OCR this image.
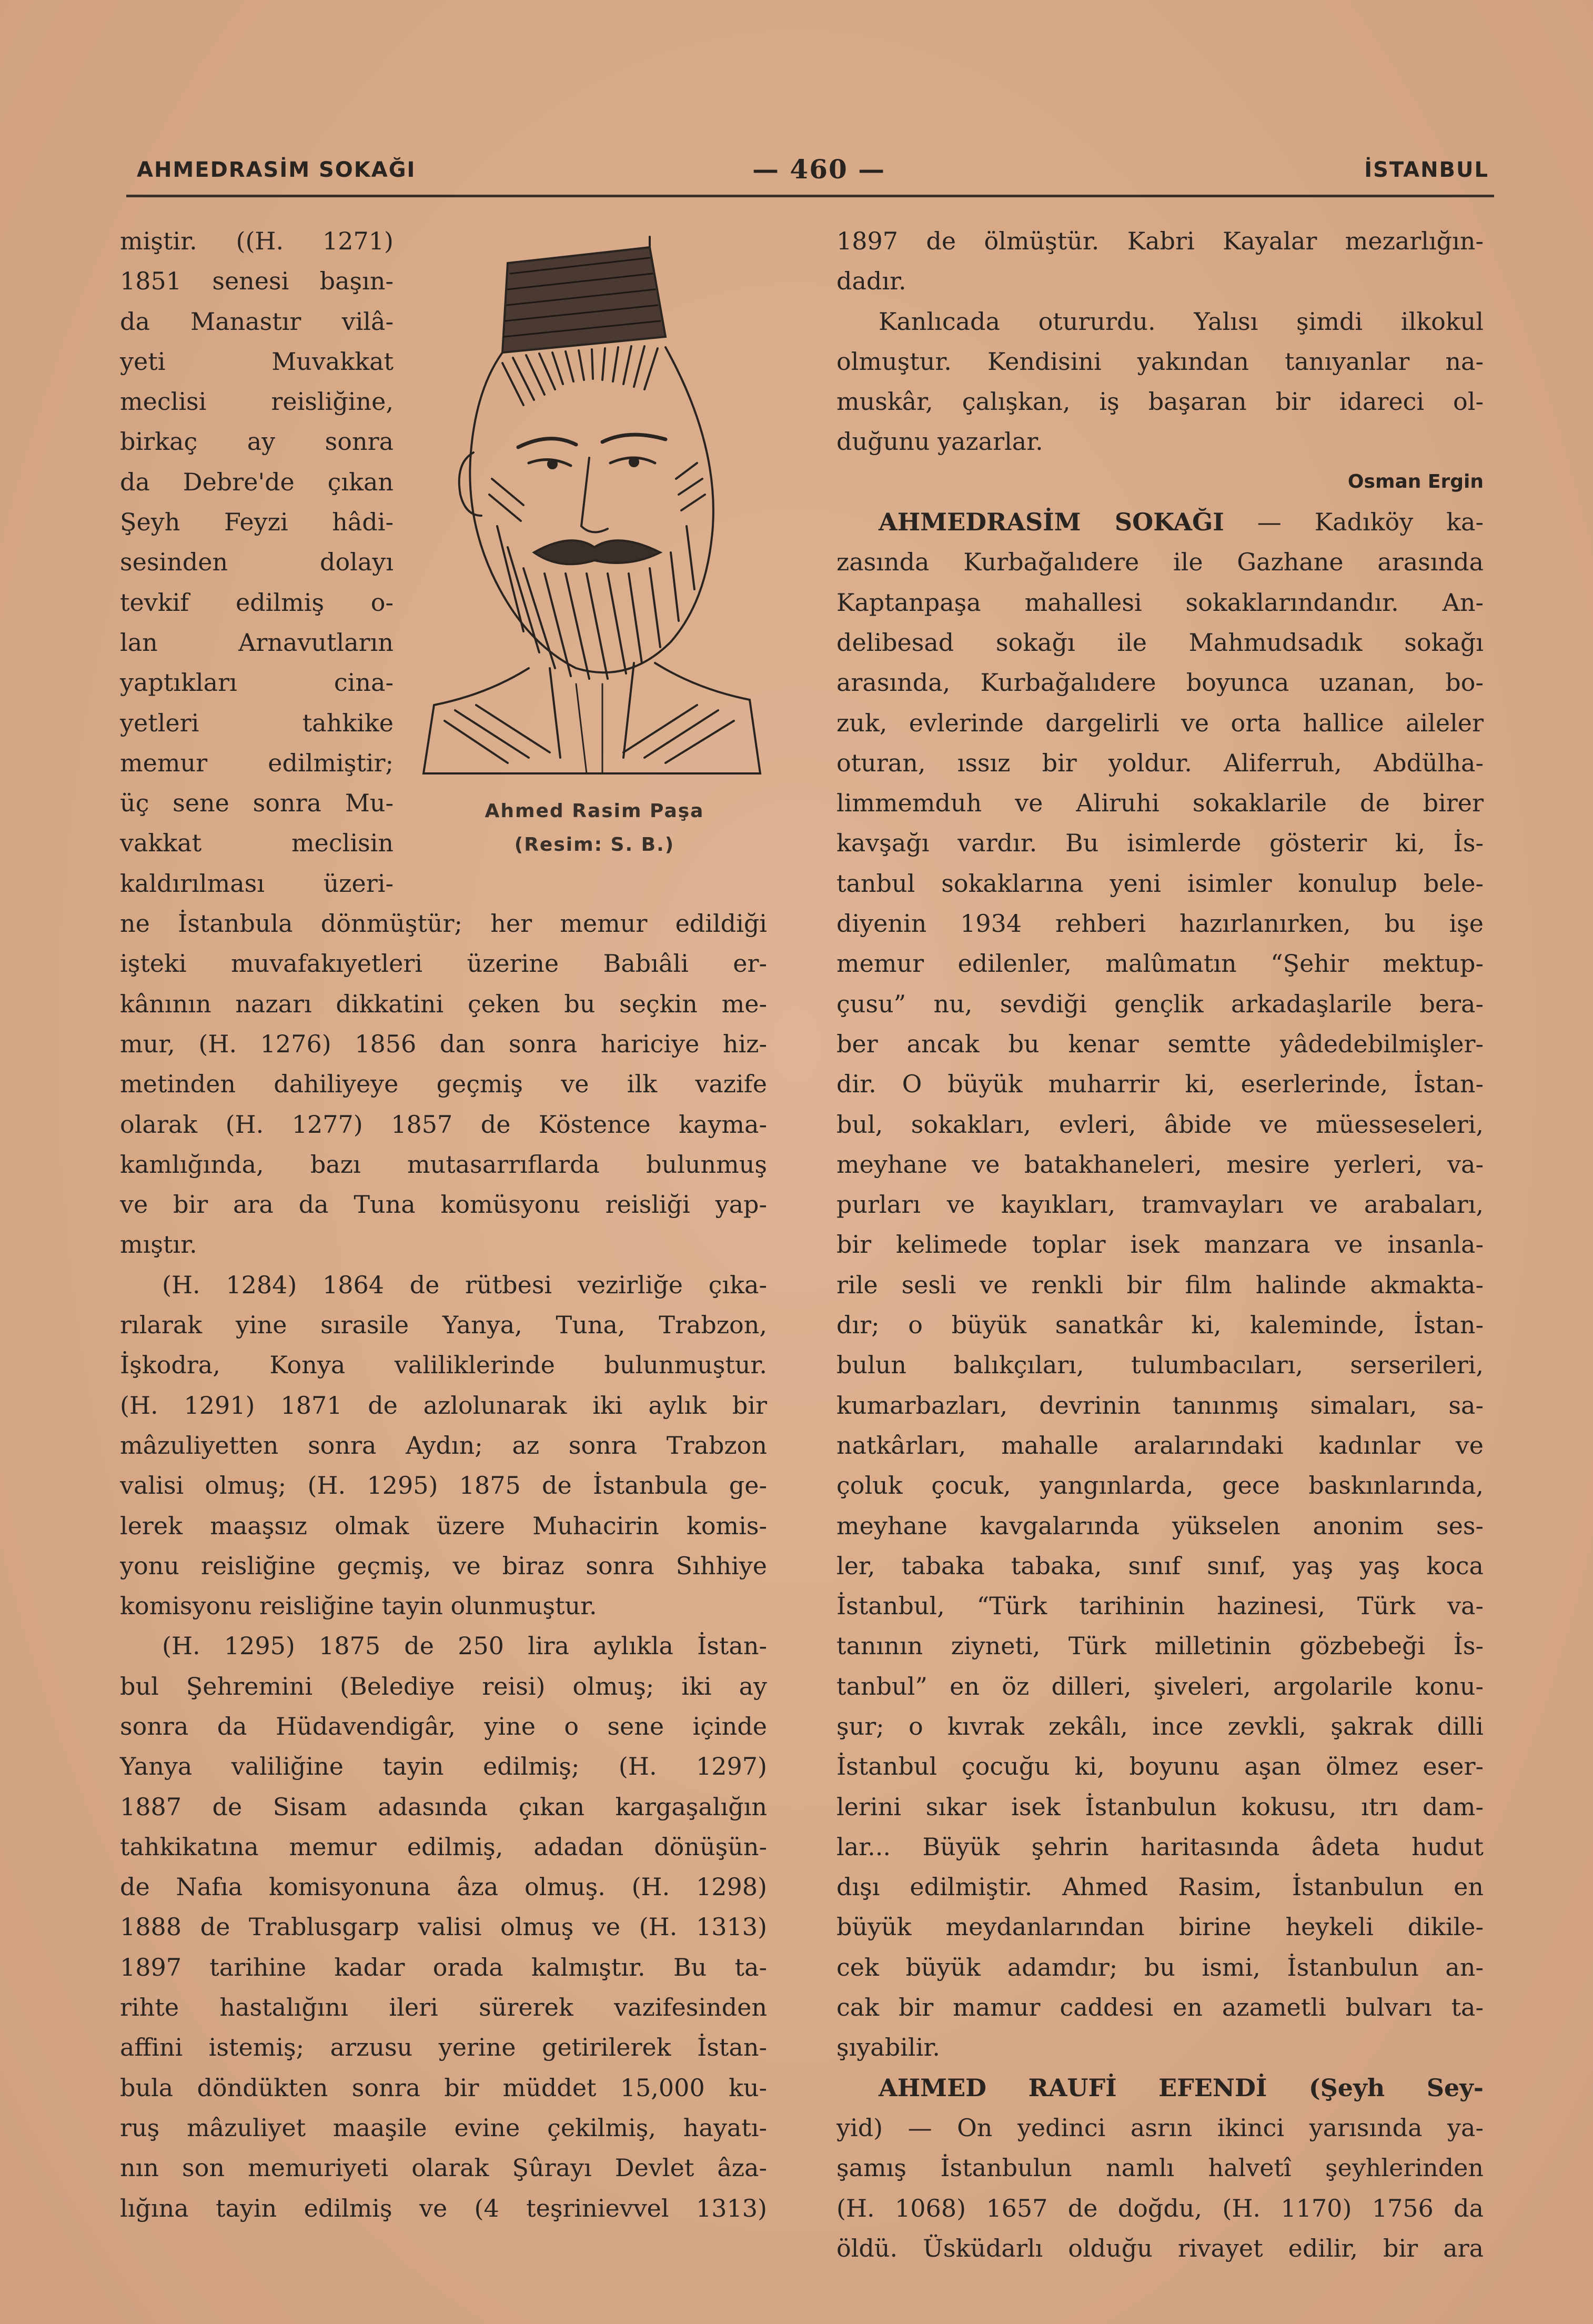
AHMEDRASİM SOKAĞI	— 460 —	İSTANBUL
Ahmed Rasim Paşa
(Resim: S. B.)
miştir. ((H. 1271)
1851 senesi başın-
da Manastır vilâ-
yeti Muvakkat
meclisi reisliğine,
birkaç ay sonra
da Debre'de çıkan
Şeyh Feyzi hâdi-
sesinden dolayı
tevkif edilmiş o-
lan Arnavutların
yaptıkları cina-
yetleri tahkike
memur edilmiştir;
üç sene sonra Mu-
vakkat meclisin
kaldırılması üzeri-
ne İstanbula dönmüştür; her memur edildiği
işteki muvafakıyetleri üzerine Babıâli er-
kânının nazarı dikkatini çeken bu seçkin me-
mur, (H. 1276) 1856 dan sonra hariciye hiz-
metinden dahiliyeye geçmiş ve ilk vazife
olarak (H. 1277) 1857 de Köstence kayma-
kamlığında, bazı mutasarrıflarda bulunmuş
ve bir ara da Tuna komüsyonu reisliği yap-
mıştır.
(H. 1284) 1864 de rütbesi vezirliğe çıka-
rılarak yine sırasile Yanya, Tuna, Trabzon,
İşkodra, Konya valiliklerinde bulunmuştur.
(H. 1291) 1871 de azlolunarak iki aylık bir
mâzuliyetten sonra Aydın; az sonra Trabzon
valisi olmuş; (H. 1295) 1875 de İstanbula ge-
lerek maaşsız olmak üzere Muhacirin komis-
yonu reisliğine geçmiş, ve biraz sonra Sıhhiye
komisyonu reisliğine tayin olunmuştur.
(H. 1295) 1875 de 250 lira aylıkla İstan-
bul Şehremini (Belediye reisi) olmuş; iki ay
sonra da Hüdavendigâr, yine o sene içinde
Yanya valiliğine tayin edilmiş; (H. 1297)
1887 de Sisam adasında çıkan kargaşalığın
tahkikatına memur edilmiş, adadan dönüşün-
de Nafıa komisyonuna âza olmuş. (H. 1298)
1888 de Trablusgarp valisi olmuş ve (H. 1313)
1897 tarihine kadar orada kalmıştır. Bu ta-
rihte hastalığını ileri sürerek vazifesinden
affini istemiş; arzusu yerine getirilerek İstan-
bula döndükten sonra bir müddet 15,000 ku-
ruş mâzuliyet maaşile evine çekilmiş, hayatı-
nın son memuriyeti olarak Şûrayı Devlet âza-
lığına tayin edilmiş ve (4 teşrinievvel 1313)
1897 de ölmüştür. Kabri Kayalar mezarlığın-
dadır.
Kanlıcada otururdu. Yalısı şimdi ilkokul
olmuştur. Kendisini yakından tanıyanlar na-
muskâr, çalışkan, iş başaran bir idareci ol-
duğunu yazarlar.
Osman Ergin
AHMEDRASİM SOKAĞI — Kadıköy ka-
zasında Kurbağalıdere ile Gazhane arasında
Kaptanpaşa mahallesi sokaklarındandır. An-
delibesad sokağı ile Mahmudsadık sokağı
arasında, Kurbağalıdere boyunca uzanan, bo-
zuk, evlerinde dargelirli ve orta hallice aileler
oturan, ıssız bir yoldur. Aliferruh, Abdülha-
limmemduh ve Aliruhi sokaklarile de birer
kavşağı vardır. Bu isimlerde gösterir ki, İs-
tanbul sokaklarına yeni isimler konulup bele-
diyenin 1934 rehberi hazırlanırken, bu işe
memur edilenler, malûmatın “Şehir mektup-
çusu” nu, sevdiği gençlik arkadaşlarile bera-
ber ancak bu kenar semtte yâdedebilmişler-
dir. O büyük muharrir ki, eserlerinde, İstan-
bul, sokakları, evleri, âbide ve müesseseleri,
meyhane ve batakhaneleri, mesire yerleri, va-
purları ve kayıkları, tramvayları ve arabaları,
bir kelimede toplar isek manzara ve insanla-
rile sesli ve renkli bir film halinde akmakta-
dır; o büyük sanatkâr ki, kaleminde, İstan-
bulun balıkçıları, tulumbacıları, serserileri,
kumarbazları, devrinin tanınmış simaları, sa-
natkârları, mahalle aralarındaki kadınlar ve
çoluk çocuk, yangınlarda, gece baskınlarında,
meyhane kavgalarında yükselen anonim ses-
ler, tabaka tabaka, sınıf sınıf, yaş yaş koca
İstanbul, “Türk tarihinin hazinesi, Türk va-
tanının ziyneti, Türk milletinin gözbebeği İs-
tanbul” en öz dilleri, şiveleri, argolarile konu-
şur; o kıvrak zekâlı, ince zevkli, şakrak dilli
İstanbul çocuğu ki, boyunu aşan ölmez eser-
lerini sıkar isek İstanbulun kokusu, ıtrı dam-
lar... Büyük şehrin haritasında âdeta hudut
dışı edilmiştir. Ahmed Rasim, İstanbulun en
büyük meydanlarından birine heykeli dikile-
cek büyük adamdır; bu ismi, İstanbulun an-
cak bir mamur caddesi en azametli bulvarı ta-
şıyabilir.
AHMED RAUFİ EFENDİ (Şeyh Sey-
yid) — On yedinci asrın ikinci yarısında ya-
şamış İstanbulun namlı halvetî şeyhlerinden
(H. 1068) 1657 de doğdu, (H. 1170) 1756 da
öldü. Üsküdarlı olduğu rivayet edilir, bir ara
